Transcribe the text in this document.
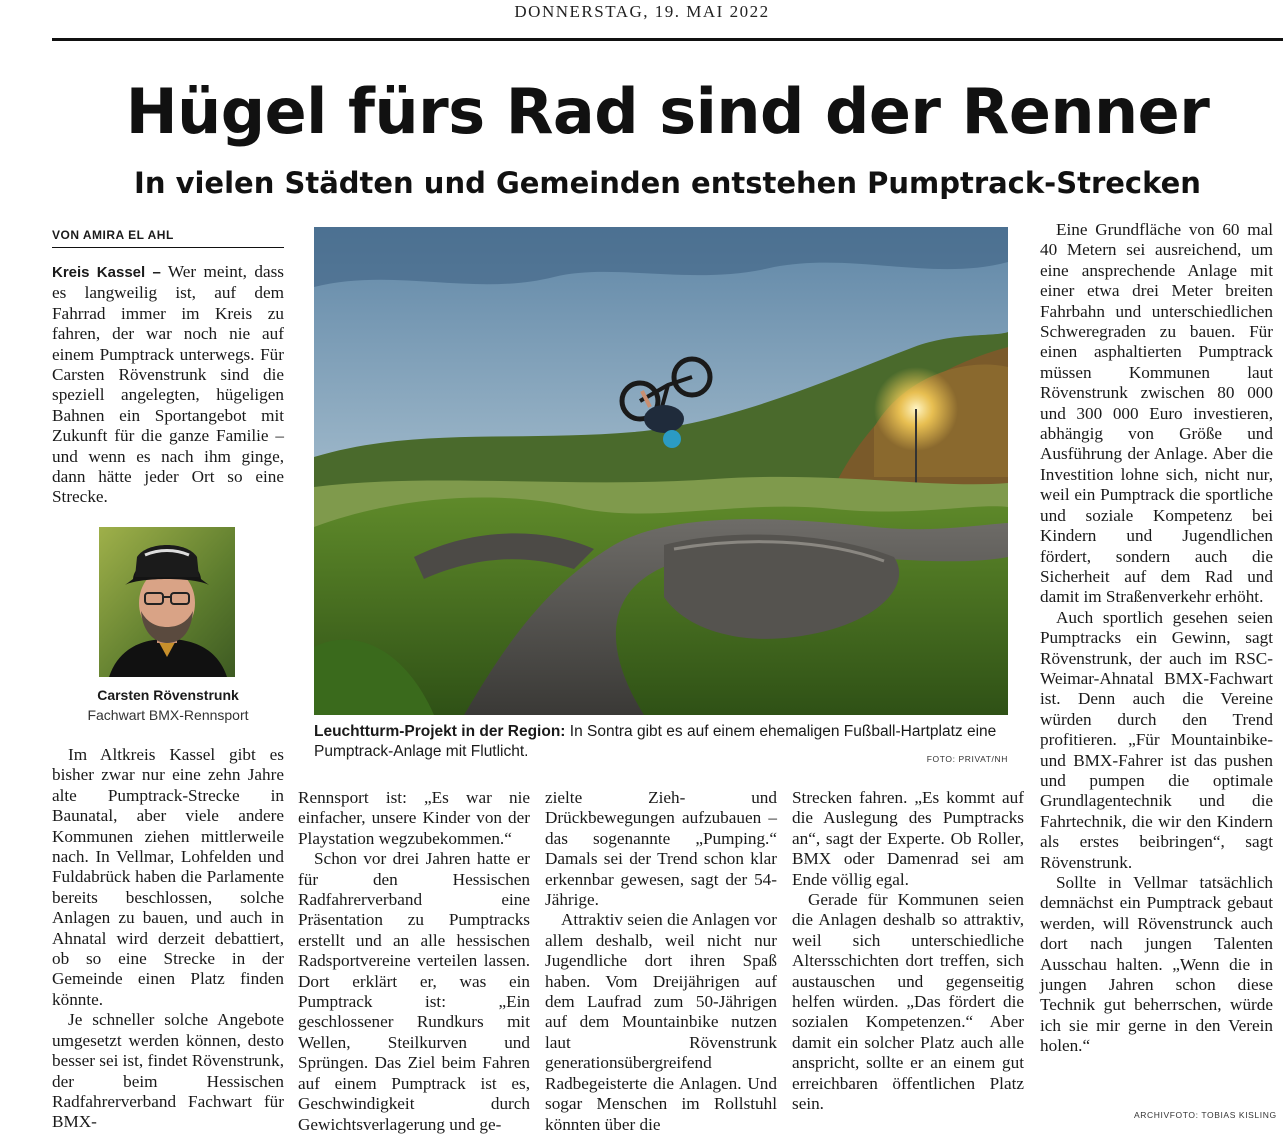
DONNERSTAG, 19. MAI 2022
Hügel fürs Rad sind der Renner
In vielen Städten und Gemeinden entstehen Pumptrack-Strecken
VON AMIRA EL AHL

Kreis Kassel – Wer meint, dass es langweilig ist, auf dem Fahrrad immer im Kreis zu fahren, der war noch nie auf einem Pumptrack unterwegs. Für Carsten Rövenstrunk sind die speziell angelegten, hügeligen Bahnen ein Sportangebot mit Zukunft für die ganze Familie – und wenn es nach ihm ginge, dann hätte jeder Ort so eine Strecke.

Carsten Rövenstrunk
Fachwart BMX-Rennsport
Leuchtturm-Projekt in der Region: In Sontra gibt es auf einem ehemaligen Fußball-Hartplatz eine Pumptrack-Anlage mit Flutlicht.	FOTO: PRIVAT/NH

Im Altkreis Kassel gibt es bisher zwar nur eine zehn Jahre alte Pumptrack-Strecke in Baunatal, aber viele andere Kommunen ziehen mittlerweile nach. In Vellmar, Lohfelden und Fuldabrück haben die Parlamente bereits beschlossen, solche Anlagen zu bauen, und auch in Ahnatal wird derzeit debattiert, ob so eine Strecke in der Gemeinde einen Platz finden könnte.

Je schneller solche Angebote umgesetzt werden können, desto besser sei ist, findet Rövenstrunk, der beim Hessischen Radfahrerverband Fachwart für BMX-

Rennsport ist: „Es war nie einfacher, unsere Kinder von der Playstation wegzubekommen.“

Schon vor drei Jahren hatte er für den Hessischen Radfahrerverband eine Präsentation zu Pumptracks erstellt und an alle hessischen Radsportvereine verteilen lassen. Dort erklärt er, was ein Pumptrack ist: „Ein geschlossener Rundkurs mit Wellen, Steilkurven und Sprüngen. Das Ziel beim Fahren auf einem Pumptrack ist es, Geschwindigkeit durch Gewichtsverlagerung und ge-

zielte Zieh- und Drückbewegungen aufzubauen – das sogenannte „Pumping.“ Damals sei der Trend schon klar erkennbar gewesen, sagt der 54-Jährige.

Attraktiv seien die Anlagen vor allem deshalb, weil nicht nur Jugendliche dort ihren Spaß haben. Vom Dreijährigen auf dem Laufrad zum 50-Jährigen auf dem Mountainbike nutzen laut Rövenstrunk generationsübergreifend Radbegeisterte die Anlagen. Und sogar Menschen im Rollstuhl könnten über die

Strecken fahren. „Es kommt auf die Auslegung des Pumptracks an“, sagt der Experte. Ob Roller, BMX oder Damenrad sei am Ende völlig egal.

Gerade für Kommunen seien die Anlagen deshalb so attraktiv, weil sich unterschiedliche Altersschichten dort treffen, sich austauschen und gegenseitig helfen würden. „Das fördert die sozialen Kompetenzen.“ Aber damit ein solcher Platz auch alle anspricht, sollte er an einem gut erreichbaren öffentlichen Platz sein.

Eine Grundfläche von 60 mal 40 Metern sei ausreichend, um eine ansprechende Anlage mit einer etwa drei Meter breiten Fahrbahn und unterschiedlichen Schweregraden zu bauen. Für einen asphaltierten Pumptrack müssen Kommunen laut Rövenstrunk zwischen 80 000 und 300 000 Euro investieren, abhängig von Größe und Ausführung der Anlage. Aber die Investition lohne sich, nicht nur, weil ein Pumptrack die sportliche und soziale Kompetenz bei Kindern und Jugendlichen fördert, sondern auch die Sicherheit auf dem Rad und damit im Straßenverkehr erhöht.

Auch sportlich gesehen seien Pumptracks ein Gewinn, sagt Rövenstrunk, der auch im RSC-Weimar-Ahnatal BMX-Fachwart ist. Denn auch die Vereine würden durch den Trend profitieren. „Für Mountainbike- und BMX-Fahrer ist das pushen und pumpen die optimale Grundlagentechnik und die Fahrtechnik, die wir den Kindern als erstes beibringen“, sagt Rövenstrunk.

Sollte in Vellmar tatsächlich demnächst ein Pumptrack gebaut werden, will Rövenstrunck auch dort nach jungen Talenten Ausschau halten. „Wenn die in jungen Jahren schon diese Technik gut beherrschen, würde ich sie mir gerne in den Verein holen.“

ARCHIVFOTO: TOBIAS KISLING
